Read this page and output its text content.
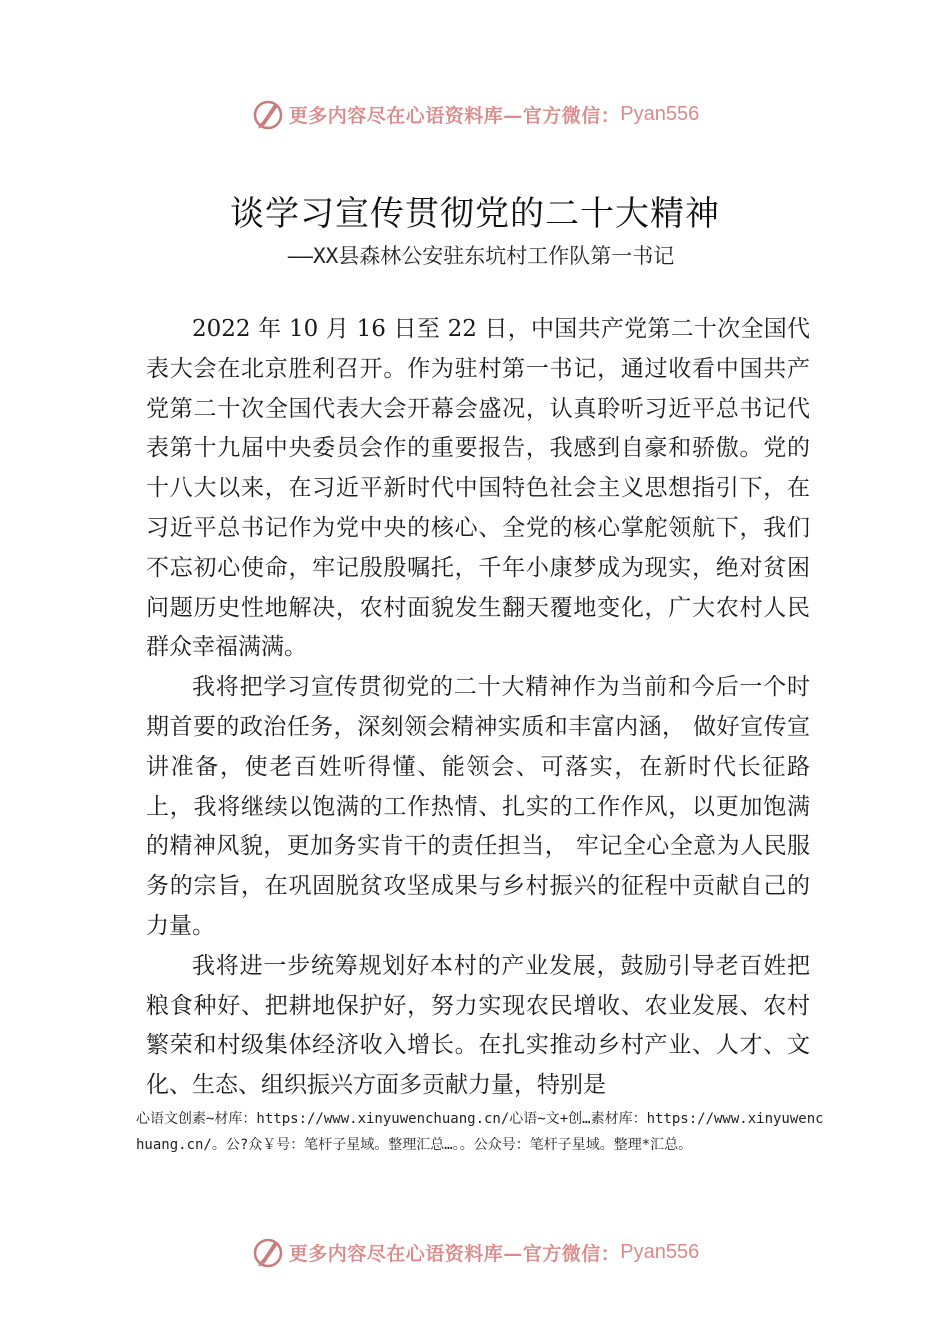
更多内容尽在心语资料库—官方微信： Pyan556
谈学习宣传贯彻党的二十大精神
——XX县森林公安驻东坑村工作队第一书记

2022 年 10 月 16 日至 22 日，中国共产党第二十次全国代表大会在北京胜利召开。作为驻村第一书记，通过收看中国共产党第二十次全国代表大会开幕会盛况，认真聆听习近平总书记代表第十九届中央委员会作的重要报告，我感到自豪和骄傲。党的十八大以来，在习近平新时代中国特色社会主义思想指引下，在习近平总书记作为党中央的核心、全党的核心掌舵领航下，我们不忘初心使命，牢记殷殷嘱托，千年小康梦成为现实，绝对贫困问题历史性地解决，农村面貌发生翻天覆地变化，广大农村人民群众幸福满满。

我将把学习宣传贯彻党的二十大精神作为当前和今后一个时期首要的政治任务，深刻领会精神实质和丰富内涵， 做好宣传宣讲准备，使老百姓听得懂、能领会、可落实，在新时代长征路上，我将继续以饱满的工作热情、扎实的工作作风，以更加饱满的精神风貌，更加务实肯干的责任担当， 牢记全心全意为人民服务的宗旨，在巩固脱贫攻坚成果与乡村振兴的征程中贡献自己的力量。

我将进一步统筹规划好本村的产业发展，鼓励引导老百姓把粮食种好、把耕地保护好，努力实现农民增收、农业发展、农村繁荣和村级集体经济收入增长。在扎实推动乡村产业、人才、文化、生态、组织振兴方面多贡献力量，特别是

心语文创素~材库：https://www.xinyuwenchuang.cn/心语~文+创…素材库：https://www.xinyuwenchuang.cn/。公?众￥号：笔杆子星域。整理汇总…。。公众号：笔杆子星域。整理*汇总。
更多内容尽在心语资料库—官方微信： Pyan556
